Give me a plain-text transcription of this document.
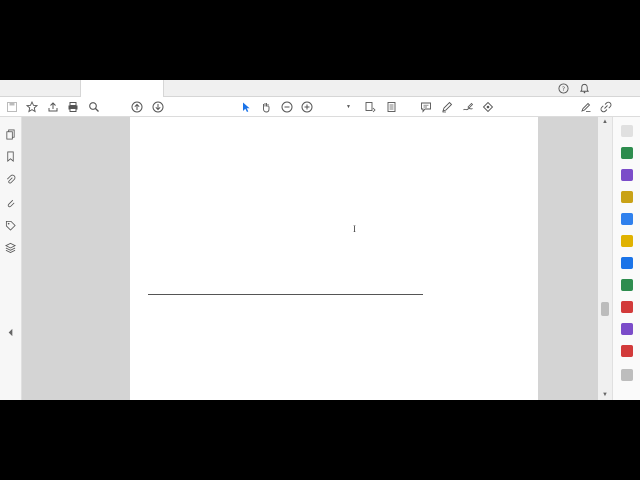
?
▼
I
▲
▼
